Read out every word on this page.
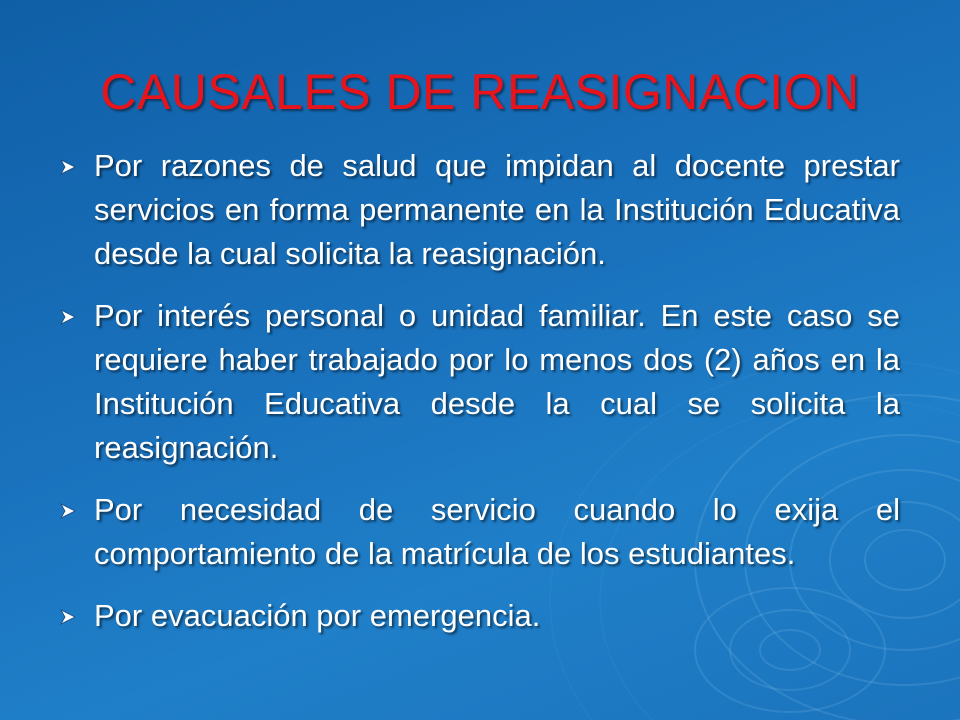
CAUSALES DE REASIGNACION
Por razones de salud que impidan al docente prestar servicios en forma permanente en la Institución Educativa desde la cual solicita la reasignación.
Por interés personal o unidad familiar. En este caso se requiere haber trabajado por lo menos dos (2) años en la Institución Educativa desde la cual se solicita la reasignación.
Por necesidad de servicio cuando lo exija el comportamiento de la matrícula de los estudiantes.
Por evacuación por emergencia.
